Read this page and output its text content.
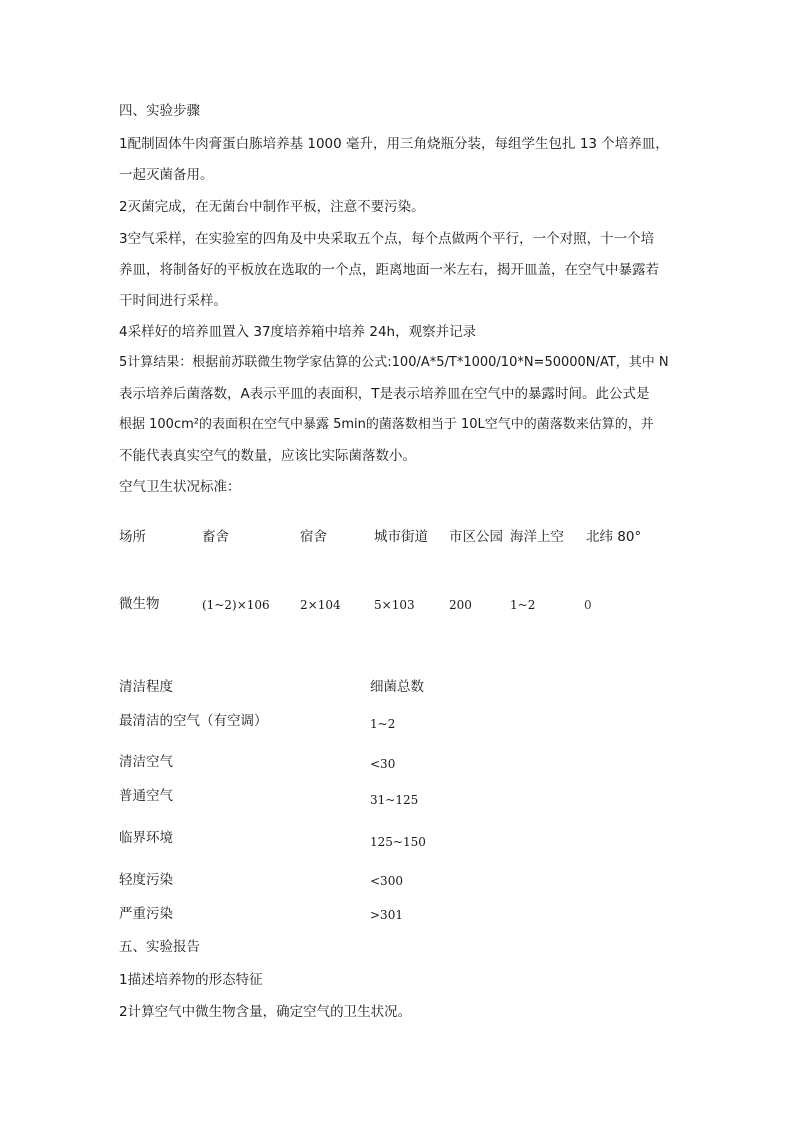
四、实验步骤
1配制固体牛肉膏蛋白胨培养基 1000 毫升，用三角烧瓶分装，每组学生包扎 13 个培养皿，
一起灭菌备用。
2灭菌完成，在无菌台中制作平板，注意不要污染。
3空气采样，在实验室的四角及中央采取五个点，每个点做两个平行，一个对照，十一个培
养皿，将制备好的平板放在选取的一个点，距离地面一米左右，揭开皿盖，在空气中暴露若
干时间进行采样。
4采样好的培养皿置入 37度培养箱中培养 24h，观察并记录
5计算结果：根据前苏联微生物学家估算的公式:100/A*5/T*1000/10*N=50000N/AT，其中 N
表示培养后菌落数，A表示平皿的表面积，T是表示培养皿在空气中的暴露时间。此公式是
根据 100cm²的表面积在空气中暴露 5min的菌落数相当于 10L空气中的菌落数来估算的，并
不能代表真实空气的数量，应该比实际菌落数小。
空气卫生状况标准：
场所	畜舍	宿舍	城市街道 市区公园 海洋上空 北纬 80°
微生物	(1~2)×106	2×104	5×103	200	1~2	0
清洁程度	细菌总数
最清洁的空气（有空调）	1~2
清洁空气	<30
普通空气	31~125
临界环境	125~150
轻度污染	<300
严重污染	>301
五、实验报告
1描述培养物的形态特征
2计算空气中微生物含量，确定空气的卫生状况。
